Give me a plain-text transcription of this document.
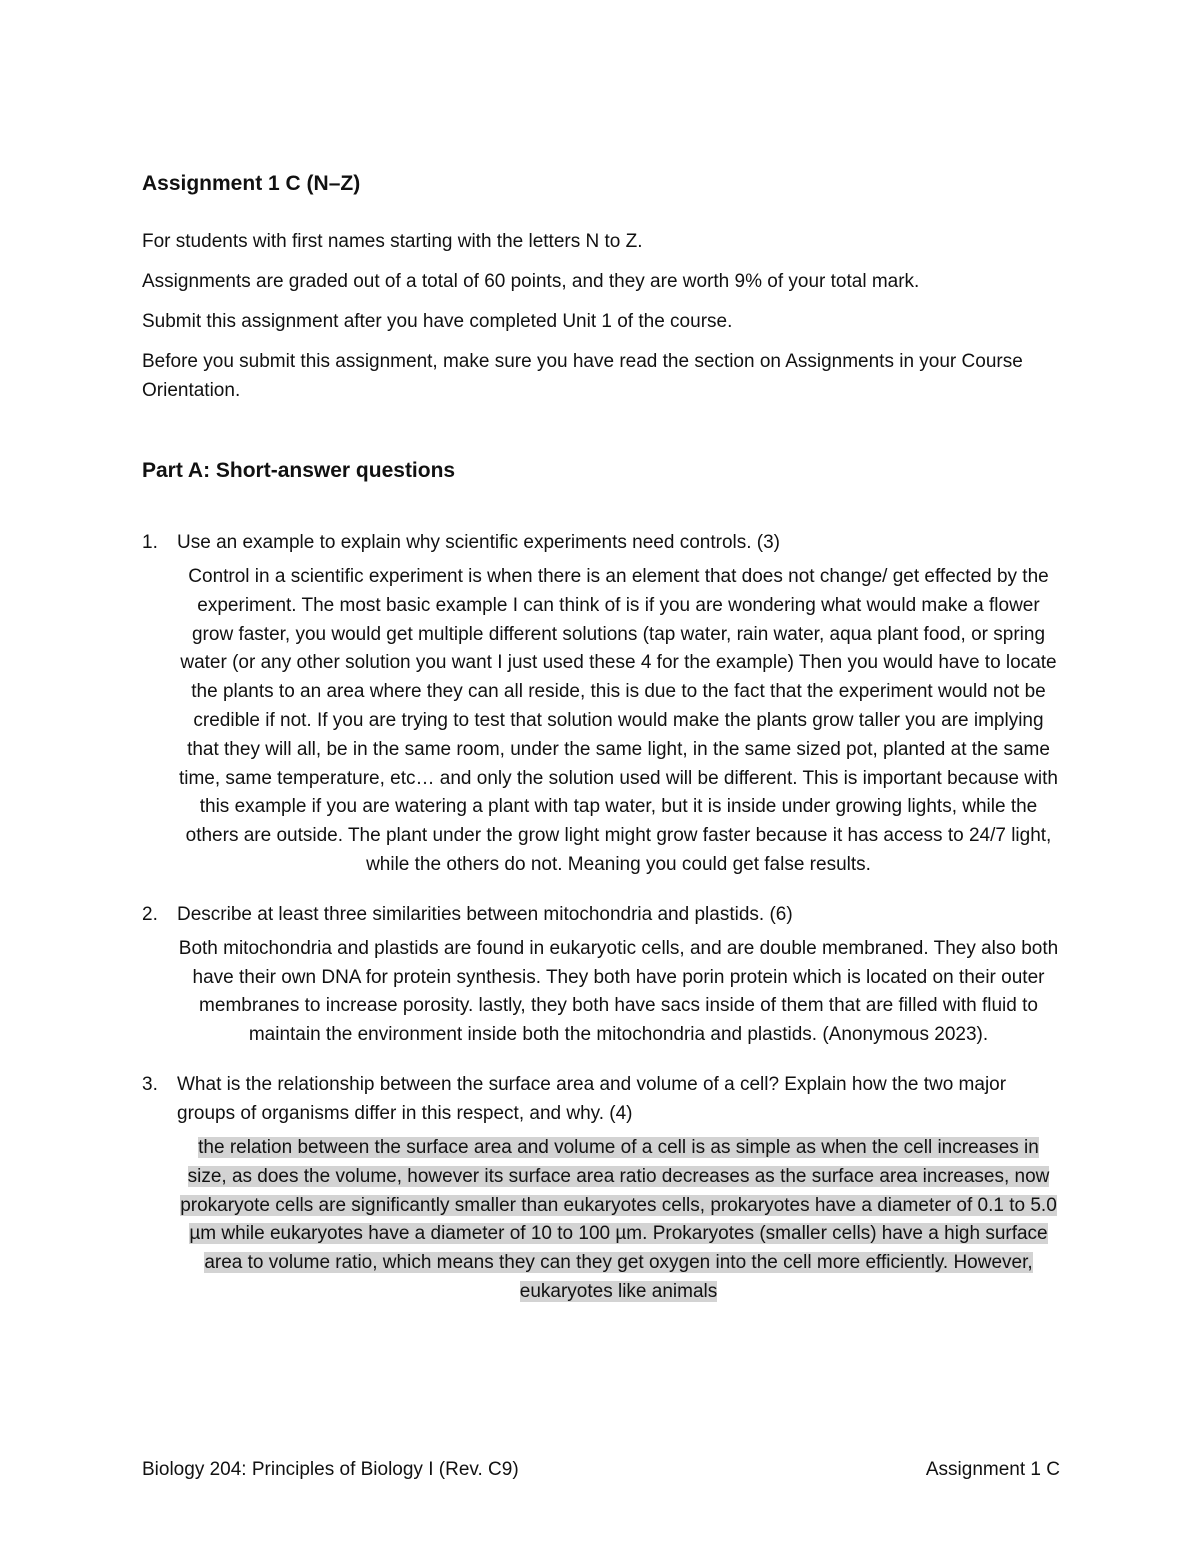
Assignment 1 C (N–Z)

For students with first names starting with the letters N to Z.

Assignments are graded out of a total of 60 points, and they are worth 9% of your total mark.

Submit this assignment after you have completed Unit 1 of the course.

Before you submit this assignment, make sure you have read the section on Assignments in your Course Orientation.

Part A: Short-answer questions
1. Use an example to explain why scientific experiments need controls. (3)
Control in a scientific experiment is when there is an element that does not change/ get effected by the experiment. The most basic example I can think of is if you are wondering what would make a flower grow faster, you would get multiple different solutions (tap water, rain water, aqua plant food, or spring water (or any other solution you want I just used these 4 for the example) Then you would have to locate the plants to an area where they can all reside, this is due to the fact that the experiment would not be credible if not. If you are trying to test that solution would make the plants grow taller you are implying that they will all, be in the same room, under the same light, in the same sized pot, planted at the same time, same temperature, etc… and only the solution used will be different. This is important because with this example if you are watering a plant with tap water, but it is inside under growing lights, while the others are outside. The plant under the grow light might grow faster because it has access to 24/7 light, while the others do not. Meaning you could get false results.
2. Describe at least three similarities between mitochondria and plastids. (6)
Both mitochondria and plastids are found in eukaryotic cells, and are double membraned. They also both have their own DNA for protein synthesis. They both have porin protein which is located on their outer membranes to increase porosity. lastly, they both have sacs inside of them that are filled with fluid to maintain the environment inside both the mitochondria and plastids. (Anonymous 2023).
3. What is the relationship between the surface area and volume of a cell? Explain how the two major groups of organisms differ in this respect, and why. (4)
the relation between the surface area and volume of a cell is as simple as when the cell increases in size, as does the volume, however its surface area ratio decreases as the surface area increases, now prokaryote cells are significantly smaller than eukaryotes cells, prokaryotes have a diameter of 0.1 to 5.0 µm while eukaryotes have a diameter of 10 to 100 µm. Prokaryotes (smaller cells) have a high surface area to volume ratio, which means they can they get oxygen into the cell more efficiently. However, eukaryotes like animals
Biology 204: Principles of Biology I (Rev. C9)	Assignment 1 C
